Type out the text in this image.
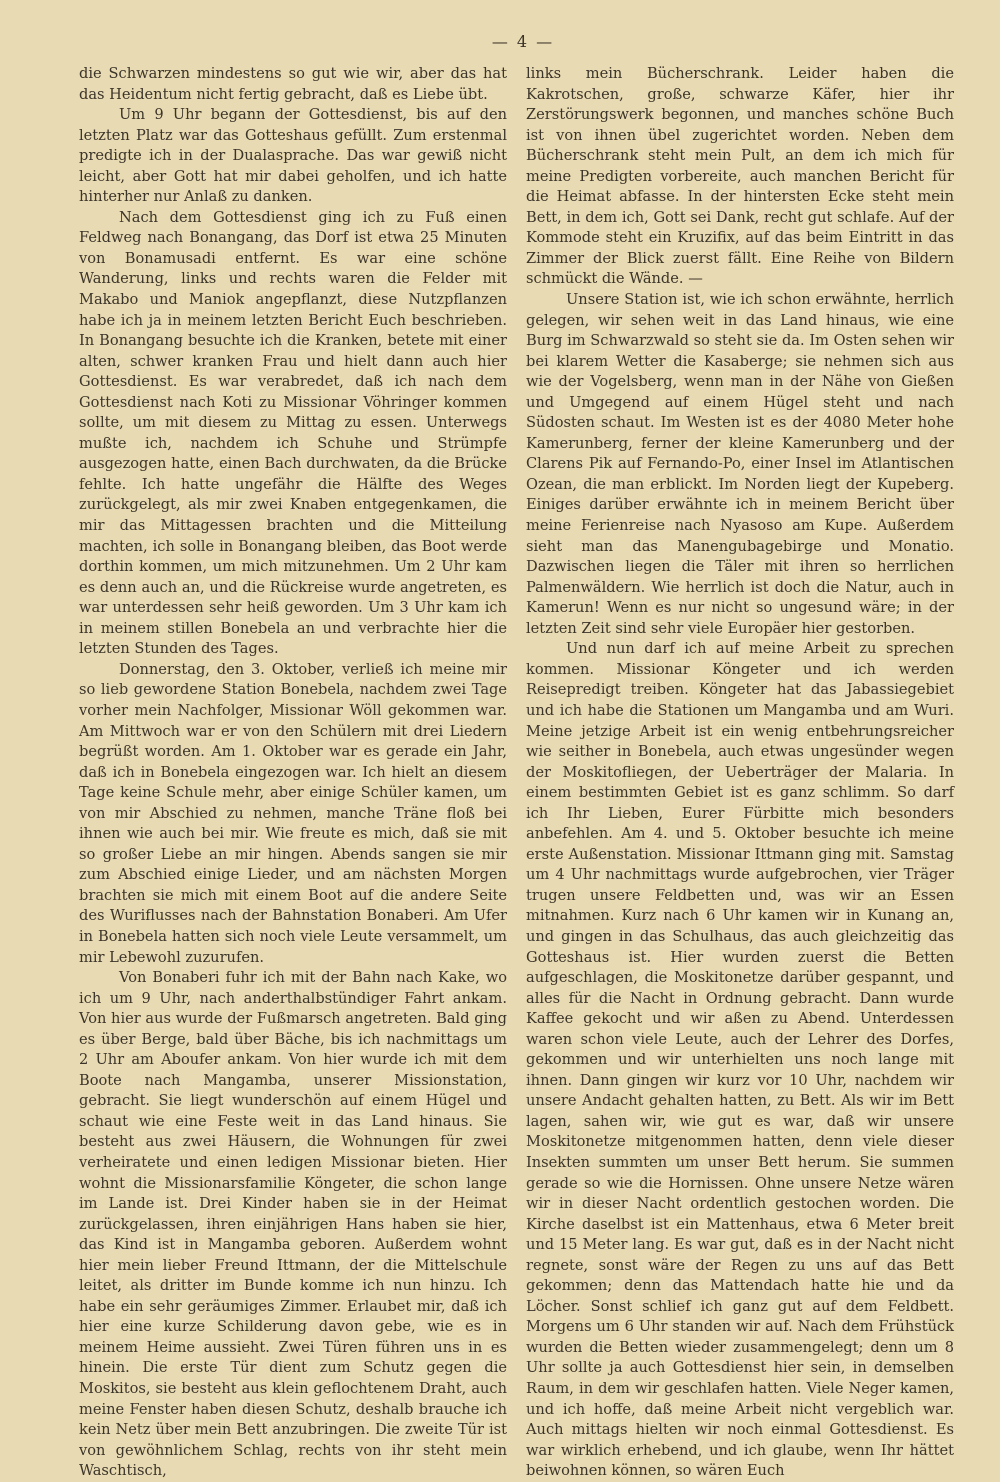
— 4 —

die Schwarzen mindestens so gut wie wir, aber das hat das Heidentum nicht fertig gebracht, daß es Liebe übt.

Um 9 Uhr begann der Gottesdienst, bis auf den letzten Platz war das Gotteshaus gefüllt. Zum erstenmal predigte ich in der Dualasprache. Das war gewiß nicht leicht, aber Gott hat mir dabei geholfen, und ich hatte hinterher nur Anlaß zu danken.

Nach dem Gottesdienst ging ich zu Fuß einen Feldweg nach Bonangang, das Dorf ist etwa 25 Minuten von Bonamusadi entfernt. Es war eine schöne Wanderung, links und rechts waren die Felder mit Makabo und Maniok angepflanzt, diese Nutzpflanzen habe ich ja in meinem letzten Bericht Euch beschrieben. In Bonangang besuchte ich die Kranken, betete mit einer alten, schwer kranken Frau und hielt dann auch hier Gottesdienst. Es war verabredet, daß ich nach dem Gottesdienst nach Koti zu Missionar Vöhringer kommen sollte, um mit diesem zu Mittag zu essen. Unterwegs mußte ich, nachdem ich Schuhe und Strümpfe ausgezogen hatte, einen Bach durchwaten, da die Brücke fehlte. Ich hatte ungefähr die Hälfte des Weges zurückgelegt, als mir zwei Knaben entgegenkamen, die mir das Mittagessen brachten und die Mitteilung machten, ich solle in Bonangang bleiben, das Boot werde dorthin kommen, um mich mitzunehmen. Um 2 Uhr kam es denn auch an, und die Rückreise wurde angetreten, es war unterdessen sehr heiß geworden. Um 3 Uhr kam ich in meinem stillen Bonebela an und verbrachte hier die letzten Stunden des Tages.

Donnerstag, den 3. Oktober, verließ ich meine mir so lieb gewordene Station Bonebela, nachdem zwei Tage vorher mein Nachfolger, Missionar Wöll gekommen war. Am Mittwoch war er von den Schülern mit drei Liedern begrüßt worden. Am 1. Oktober war es gerade ein Jahr, daß ich in Bonebela eingezogen war. Ich hielt an diesem Tage keine Schule mehr, aber einige Schüler kamen, um von mir Abschied zu nehmen, manche Träne floß bei ihnen wie auch bei mir. Wie freute es mich, daß sie mit so großer Liebe an mir hingen. Abends sangen sie mir zum Abschied einige Lieder, und am nächsten Morgen brachten sie mich mit einem Boot auf die andere Seite des Wuriflusses nach der Bahnstation Bonaberi. Am Ufer in Bonebela hatten sich noch viele Leute versammelt, um mir Lebewohl zuzurufen.

Von Bonaberi fuhr ich mit der Bahn nach Kake, wo ich um 9 Uhr, nach anderthalbstündiger Fahrt ankam. Von hier aus wurde der Fußmarsch angetreten. Bald ging es über Berge, bald über Bäche, bis ich nachmittags um 2 Uhr am Aboufer ankam. Von hier wurde ich mit dem Boote nach Mangamba, unserer Missionstation, gebracht. Sie liegt wunderschön auf einem Hügel und schaut wie eine Feste weit in das Land hinaus. Sie besteht aus zwei Häusern, die Wohnungen für zwei verheiratete und einen ledigen Missionar bieten. Hier wohnt die Missionarsfamilie Köngeter, die schon lange im Lande ist. Drei Kinder haben sie in der Heimat zurückgelassen, ihren einjährigen Hans haben sie hier, das Kind ist in Mangamba geboren. Außerdem wohnt hier mein lieber Freund Ittmann, der die Mittelschule leitet, als dritter im Bunde komme ich nun hinzu. Ich habe ein sehr geräumiges Zimmer. Erlaubet mir, daß ich hier eine kurze Schilderung davon gebe, wie es in meinem Heime aussieht. Zwei Türen führen uns in es hinein. Die erste Tür dient zum Schutz gegen die Moskitos, sie besteht aus klein geflochtenem Draht, auch meine Fenster haben diesen Schutz, deshalb brauche ich kein Netz über mein Bett anzubringen. Die zweite Tür ist von gewöhnlichem Schlag, rechts von ihr steht mein Waschtisch,

links mein Bücherschrank. Leider haben die Kakrotschen, große, schwarze Käfer, hier ihr Zerstörungswerk begonnen, und manches schöne Buch ist von ihnen übel zugerichtet worden. Neben dem Bücherschrank steht mein Pult, an dem ich mich für meine Predigten vorbereite, auch manchen Bericht für die Heimat abfasse. In der hintersten Ecke steht mein Bett, in dem ich, Gott sei Dank, recht gut schlafe. Auf der Kommode steht ein Kruzifix, auf das beim Eintritt in das Zimmer der Blick zuerst fällt. Eine Reihe von Bildern schmückt die Wände. —

Unsere Station ist, wie ich schon erwähnte, herrlich gelegen, wir sehen weit in das Land hinaus, wie eine Burg im Schwarzwald so steht sie da. Im Osten sehen wir bei klarem Wetter die Kasaberge; sie nehmen sich aus wie der Vogelsberg, wenn man in der Nähe von Gießen und Umgegend auf einem Hügel steht und nach Südosten schaut. Im Westen ist es der 4080 Meter hohe Kamerunberg, ferner der kleine Kamerunberg und der Clarens Pik auf Fernando-Po, einer Insel im Atlantischen Ozean, die man erblickt. Im Norden liegt der Kupeberg. Einiges darüber erwähnte ich in meinem Bericht über meine Ferienreise nach Nyasoso am Kupe. Außerdem sieht man das Manengubagebirge und Monatio. Dazwischen liegen die Täler mit ihren so herrlichen Palmenwäldern. Wie herrlich ist doch die Natur, auch in Kamerun! Wenn es nur nicht so ungesund wäre; in der letzten Zeit sind sehr viele Europäer hier gestorben.

Und nun darf ich auf meine Arbeit zu sprechen kommen. Missionar Köngeter und ich werden Reisepredigt treiben. Köngeter hat das Jabassiegebiet und ich habe die Stationen um Mangamba und am Wuri. Meine jetzige Arbeit ist ein wenig entbehrungsreicher wie seither in Bonebela, auch etwas ungesünder wegen der Moskitofliegen, der Ueberträger der Malaria. In einem bestimmten Gebiet ist es ganz schlimm. So darf ich Ihr Lieben, Eurer Fürbitte mich besonders anbefehlen. Am 4. und 5. Oktober besuchte ich meine erste Außenstation. Missionar Ittmann ging mit. Samstag um 4 Uhr nachmittags wurde aufgebrochen, vier Träger trugen unsere Feldbetten und, was wir an Essen mitnahmen. Kurz nach 6 Uhr kamen wir in Kunang an, und gingen in das Schulhaus, das auch gleichzeitig das Gotteshaus ist. Hier wurden zuerst die Betten aufgeschlagen, die Moskitonetze darüber gespannt, und alles für die Nacht in Ordnung gebracht. Dann wurde Kaffee gekocht und wir aßen zu Abend. Unterdessen waren schon viele Leute, auch der Lehrer des Dorfes, gekommen und wir unterhielten uns noch lange mit ihnen. Dann gingen wir kurz vor 10 Uhr, nachdem wir unsere Andacht gehalten hatten, zu Bett. Als wir im Bett lagen, sahen wir, wie gut es war, daß wir unsere Moskitonetze mitgenommen hatten, denn viele dieser Insekten summten um unser Bett herum. Sie summen gerade so wie die Hornissen. Ohne unsere Netze wären wir in dieser Nacht ordentlich gestochen worden. Die Kirche daselbst ist ein Mattenhaus, etwa 6 Meter breit und 15 Meter lang. Es war gut, daß es in der Nacht nicht regnete, sonst wäre der Regen zu uns auf das Bett gekommen; denn das Mattendach hatte hie und da Löcher. Sonst schlief ich ganz gut auf dem Feldbett. Morgens um 6 Uhr standen wir auf. Nach dem Frühstück wurden die Betten wieder zusammengelegt; denn um 8 Uhr sollte ja auch Gottesdienst hier sein, in demselben Raum, in dem wir geschlafen hatten. Viele Neger kamen, und ich hoffe, daß meine Arbeit nicht vergeblich war. Auch mittags hielten wir noch einmal Gottesdienst. Es war wirklich erhebend, und ich glaube, wenn Ihr hättet beiwohnen können, so wären Euch
